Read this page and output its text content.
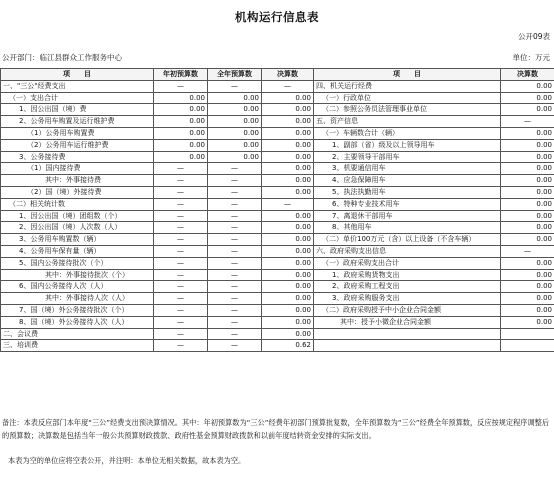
机构运行信息表
公开09表
公开部门：临江县群众工作服务中心	单位：万元
项　　目	年初预算数	全年预算数	决算数	项　　目	决算数
一、"三公"经费支出	—	—	—	四、机关运行经费	0.00
（一）支出合计	0.00	0.00	0.00	（一）行政单位	0.00
1、因公出国（境）费	0.00	0.00	0.00	（二）参照公务员法管理事业单位	0.00
2、公务用车购置及运行维护费	0.00	0.00	0.00	五、资产信息	—
（1）公务用车购置费	0.00	0.00	0.00	（一）车辆数合计（辆）	0.00
（2）公务用车运行维护费	0.00	0.00	0.00	1、副部（省）级及以上领导用车	0.00
3、公务接待费	0.00	0.00	0.00	2、主要领导干部用车	0.00
（1）国内接待费	—	—	0.00	3、机要通信用车	0.00
其中：外事接待费	—	—	0.00	4、应急保障用车	0.00
（2）国（境）外接待费	—	—	0.00	5、执法执勤用车	0.00
（二）相关统计数	—	—	—	6、特种专业技术用车	0.00
1、因公出国（境）团组数（个）	—	—	0.00	7、离退休干部用车	0.00
2、因公出国（境）人次数（人）	—	—	0.00	8、其他用车	0.00
3、公务用车购置数（辆）	—	—	0.00	（二）单价100万元（含）以上设备（不含车辆）	0.00
4、公务用车保有量（辆）	—	—	0.00	六、政府采购支出信息	—
5、国内公务接待批次（个）	—	—	0.00	（一）政府采购支出合计	0.00
其中：外事接待批次（个）	—	—	0.00	1、政府采购货物支出	0.00
6、国内公务接待人次（人）	—	—	0.00	2、政府采购工程支出	0.00
其中：外事接待人次（人）	—	—	0.00	3、政府采购服务支出	0.00
7、国（境）外公务接待批次（个）	—	—	0.00	（二）政府采购授予中小企业合同金额	0.00
8、国（境）外公务接待人次（人）	—	—	0.00	其中：授予小微企业合同金额	0.00
二、会议费	—	—	0.00		
三、培训费	—	—	0.62		
备注：本表反应部门本年度“三公”经费支出预决算情况。其中：年初预算数为“三公”经费年初部门预算批复数，全年预算数为“三公”经费全年预算数，反应按规定程序调整后的预算数；决算数是包括当年一般公共预算财政拨款、政府性基金预算财政拨款和以前年度结转资金安排的实际支出。
本表为空的单位应将空表公开，并注明：本单位无相关数据，故本表为空。
